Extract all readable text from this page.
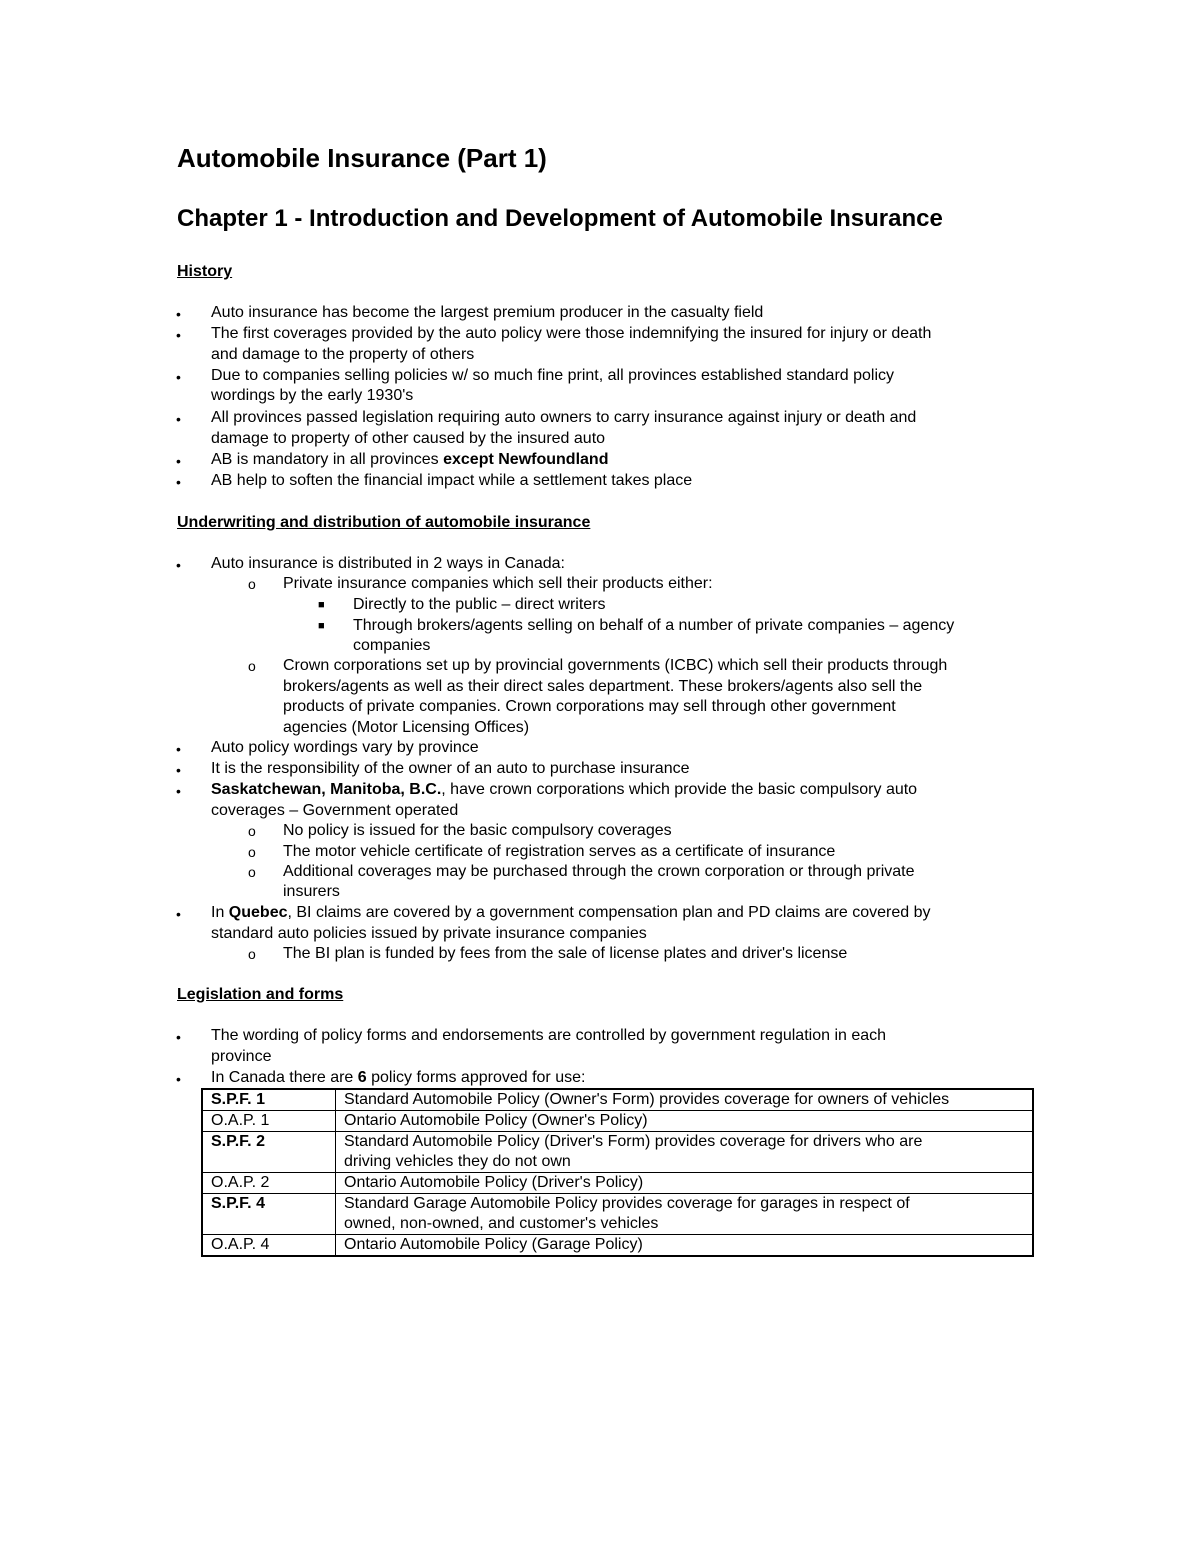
Automobile Insurance (Part 1)
Chapter 1 - Introduction and Development of Automobile Insurance
History
• Auto insurance has become the largest premium producer in the casualty field
• The first coverages provided by the auto policy were those indemnifying the insured for injury or death
and damage to the property of others
• Due to companies selling policies w/ so much fine print, all provinces established standard policy
wordings by the early 1930's
• All provinces passed legislation requiring auto owners to carry insurance against injury or death and
damage to property of other caused by the insured auto
• AB is mandatory in all provinces except Newfoundland
• AB help to soften the financial impact while a settlement takes place
Underwriting and distribution of automobile insurance
• Auto insurance is distributed in 2 ways in Canada:
o Private insurance companies which sell their products either:
■ Directly to the public – direct writers
■ Through brokers/agents selling on behalf of a number of private companies – agency
companies
o Crown corporations set up by provincial governments (ICBC) which sell their products through
brokers/agents as well as their direct sales department. These brokers/agents also sell the
products of private companies. Crown corporations may sell through other government
agencies (Motor Licensing Offices)
• Auto policy wordings vary by province
• It is the responsibility of the owner of an auto to purchase insurance
• Saskatchewan, Manitoba, B.C., have crown corporations which provide the basic compulsory auto
coverages – Government operated
o No policy is issued for the basic compulsory coverages
o The motor vehicle certificate of registration serves as a certificate of insurance
o Additional coverages may be purchased through the crown corporation or through private
insurers
• In Quebec, BI claims are covered by a government compensation plan and PD claims are covered by
standard auto policies issued by private insurance companies
o The BI plan is funded by fees from the sale of license plates and driver's license
Legislation and forms
• The wording of policy forms and endorsements are controlled by government regulation in each
province
• In Canada there are 6 policy forms approved for use:
S.P.F. 1	Standard Automobile Policy (Owner's Form) provides coverage for owners of vehicles
O.A.P. 1	Ontario Automobile Policy (Owner's Policy)
S.P.F. 2	Standard Automobile Policy (Driver's Form) provides coverage for drivers who are
driving vehicles they do not own

O.A.P. 2	Ontario Automobile Policy (Driver's Policy)
S.P.F. 4	Standard Garage Automobile Policy provides coverage for garages in respect of
owned, non-owned, and customer's vehicles

O.A.P. 4	Ontario Automobile Policy (Garage Policy)
